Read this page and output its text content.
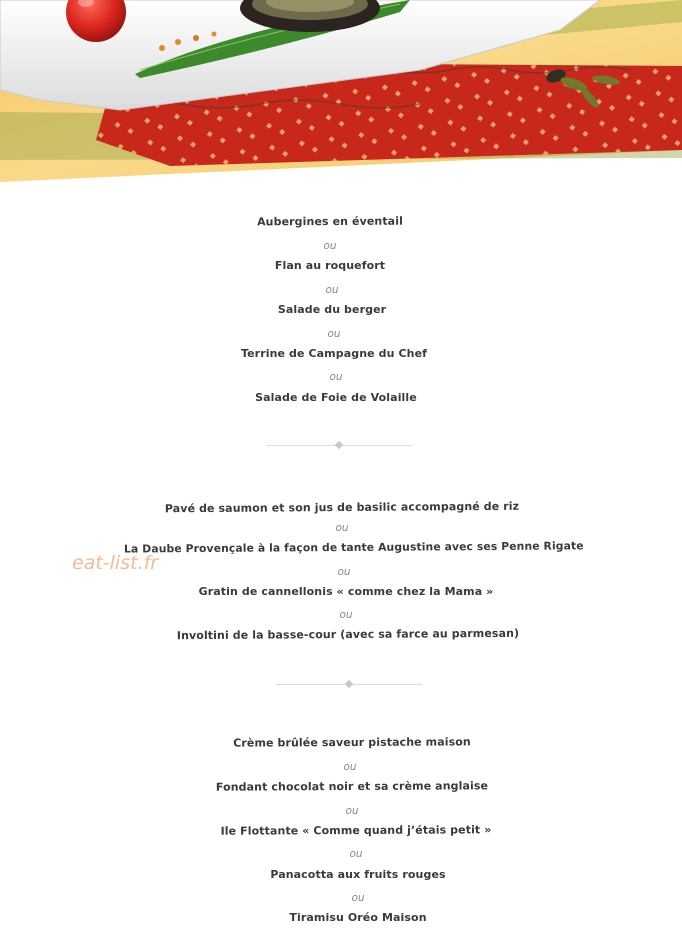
Aubergines en éventail
ou
Flan au roquefort
ou
Salade du berger
ou
Terrine de Campagne du Chef
ou
Salade de Foie de Volaille
Pavé de saumon et son jus de basilic accompagné de riz
ou
La Daube Provençale à la façon de tante Augustine avec ses Penne Rigate
ou
Gratin de cannellonis « comme chez la Mama »
ou
Involtini de la basse-cour (avec sa farce au parmesan)
eat-list.fr
Crème brûlée saveur pistache maison
ou
Fondant chocolat noir et sa crème anglaise
ou
Ile Flottante « Comme quand j’étais petit »
ou
Panacotta aux fruits rouges
ou
Tiramisu Oréo Maison
